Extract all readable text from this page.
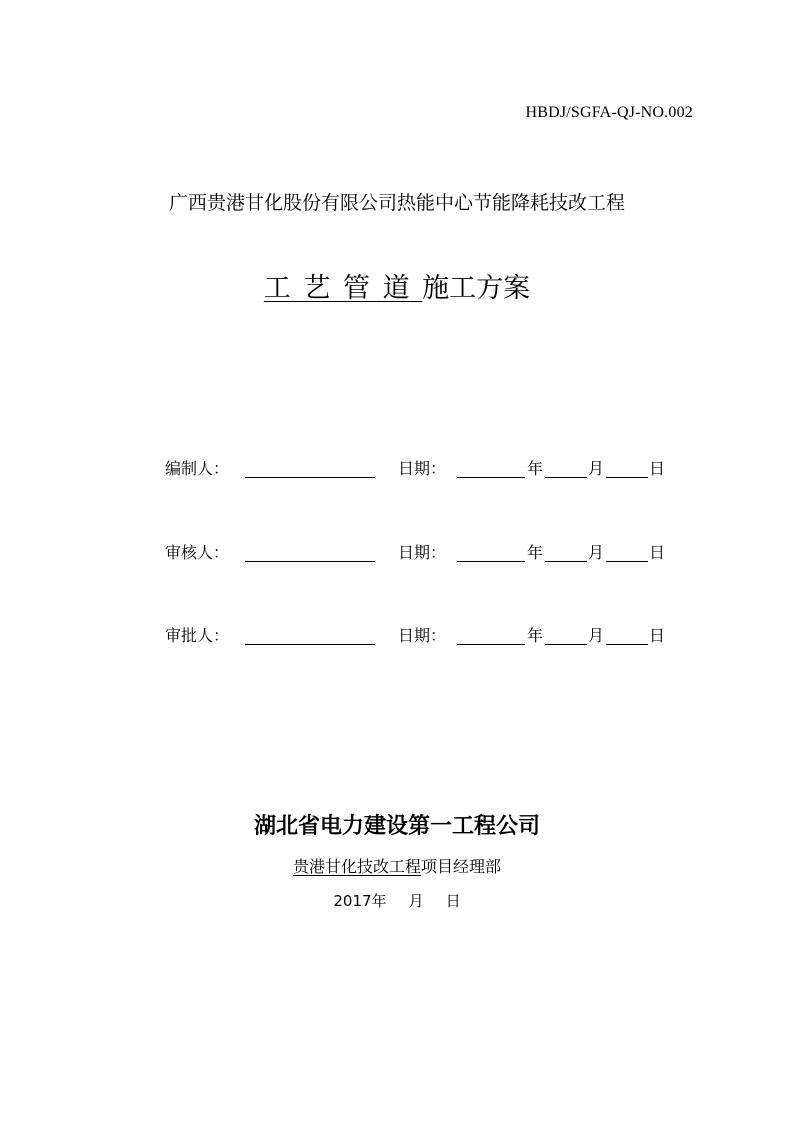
HBDJ/SGFA-QJ-NO.002
广西贵港甘化股份有限公司热能中心节能降耗技改工程
工 艺 管 道 施工方案
编制人：	日期：	年	月	日
审核人：	日期：	年	月	日
审批人：	日期：	年	月	日
湖北省电力建设第一工程公司
贵港甘化技改工程项目经理部
2017年 月 日
